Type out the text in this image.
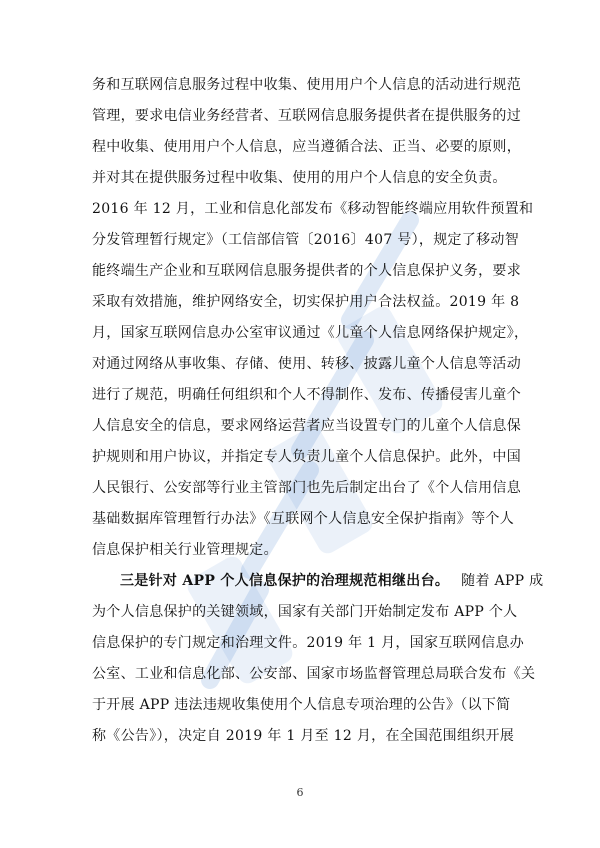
务和互联网信息服务过程中收集、使用用户个人信息的活动进行规范
管理，要求电信业务经营者、互联网信息服务提供者在提供服务的过
程中收集、使用用户个人信息，应当遵循合法、正当、必要的原则，
并对其在提供服务过程中收集、使用的用户个人信息的安全负责。
2016 年 12 月，工业和信息化部发布《移动智能终端应用软件预置和
分发管理暂行规定》（工信部信管〔2016〕407 号），规定了移动智
能终端生产企业和互联网信息服务提供者的个人信息保护义务，要求
采取有效措施，维护网络安全，切实保护用户合法权益。2019 年 8
月，国家互联网信息办公室审议通过《儿童个人信息网络保护规定》，
对通过网络从事收集、存储、使用、转移、披露儿童个人信息等活动
进行了规范，明确任何组织和个人不得制作、发布、传播侵害儿童个
人信息安全的信息，要求网络运营者应当设置专门的儿童个人信息保
护规则和用户协议，并指定专人负责儿童个人信息保护。此外，中国
人民银行、公安部等行业主管部门也先后制定出台了《个人信用信息
基础数据库管理暂行办法》《互联网个人信息安全保护指南》等个人
信息保护相关行业管理规定。
三是针对 APP 个人信息保护的治理规范相继出台。 随着 APP 成
为个人信息保护的关键领域，国家有关部门开始制定发布 APP 个人
信息保护的专门规定和治理文件。2019 年 1 月，国家互联网信息办
公室、工业和信息化部、公安部、国家市场监督管理总局联合发布《关
于开展 APP 违法违规收集使用个人信息专项治理的公告》（以下简
称《公告》），决定自 2019 年 1 月至 12 月，在全国范围组织开展
6
